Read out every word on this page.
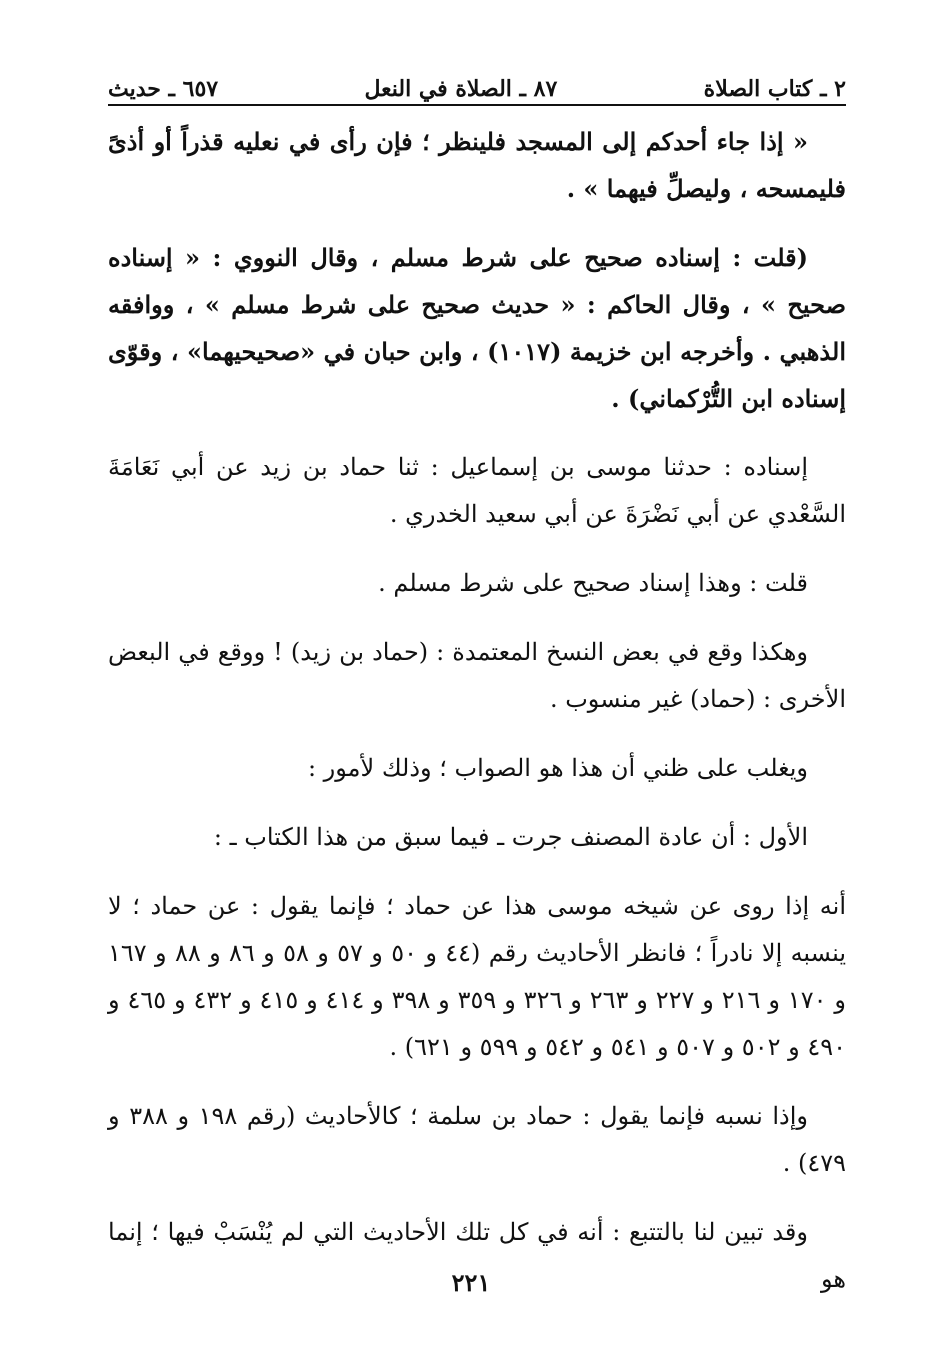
٢ ـ كتاب الصلاة
٨٧ ـ الصلاة في النعل
٦٥٧ ـ حديث

« إذا جاء أحدكم إلى المسجد فلينظر ؛ فإن رأى في نعليه قذراً أو أذىً فليمسحه ، وليصلِّ فيهما » .

(قلت : إسناده صحيح على شرط مسلم ، وقال النووي : « إسناده صحيح » ، وقال الحاكم : « حديث صحيح على شرط مسلم » ، ووافقه الذهبي . وأخرجه ابن خزيمة (١٠١٧) ، وابن حبان في «صحيحيهما» ، وقوّى إسناده ابن التُّرْكماني) .

إسناده : حدثنا موسى بن إسماعيل : ثنا حماد بن زيد عن أبي نَعَامَةَ السَّعْدي عن أبي نَضْرَةَ عن أبي سعيد الخدري .

قلت : وهذا إسناد صحيح على شرط مسلم .

وهكذا وقع في بعض النسخ المعتمدة : (حماد بن زيد) ! ووقع في البعض الأخرى : (حماد) غير منسوب .

ويغلب على ظني أن هذا هو الصواب ؛ وذلك لأمور :

الأول : أن عادة المصنف جرت ـ فيما سبق من هذا الكتاب ـ :

أنه إذا روى عن شيخه موسى هذا عن حماد ؛ فإنما يقول : عن حماد ؛ لا ينسبه إلا نادراً ؛ فانظر الأحاديث رقم (٤٤ و ٥٠ و ٥٧ و ٥٨ و ٨٦ و ٨٨ و ١٦٧ و ١٧٠ و ٢١٦ و ٢٢٧ و ٢٦٣ و ٣٢٦ و ٣٥٩ و ٣٩٨ و ٤١٤ و ٤١٥ و ٤٣٢ و ٤٦٥ و ٤٩٠ و ٥٠٢ و ٥٠٧ و ٥٤١ و ٥٤٢ و ٥٩٩ و ٦٢١) .

وإذا نسبه فإنما يقول : حماد بن سلمة ؛ كالأحاديث (رقم ١٩٨ و ٣٨٨ و ٤٧٩) .

وقد تبين لنا بالتتبع : أنه في كل تلك الأحاديث التي لم يُنْسَبْ فيها ؛ إنما هو

٢٢١
